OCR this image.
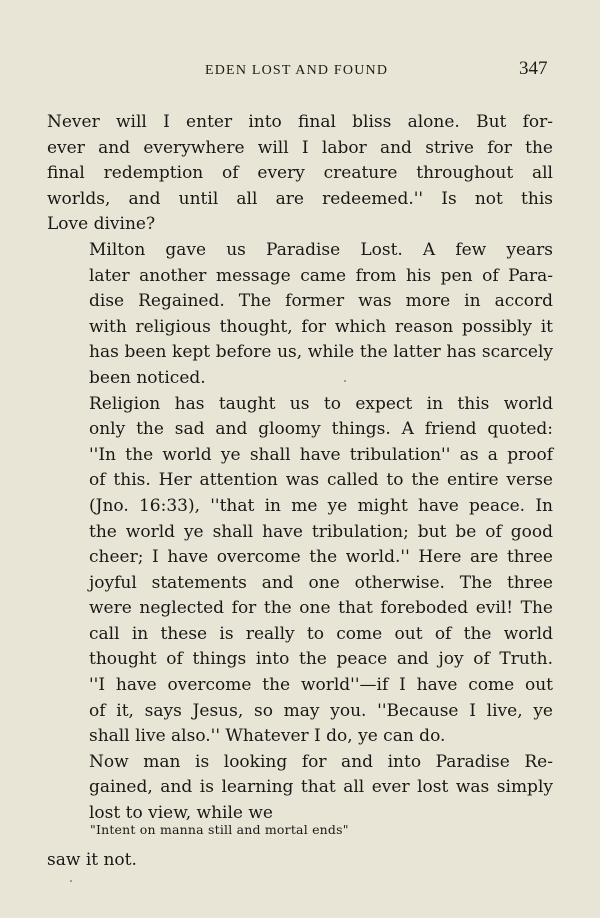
EDEN LOST AND FOUND	347

Never will I enter into final bliss alone. But for-
ever and everywhere will I labor and strive for the
final redemption of every creature throughout all
worlds, and until all are redeemed.'' Is not this
Love divine?

Milton gave us Paradise Lost. A few years
later another message came from his pen of Para-
dise Regained. The former was more in accord
with religious thought, for which reason possibly it
has been kept before us, while the latter has scarcely
been noticed.

Religion has taught us to expect in this world
only the sad and gloomy things. A friend quoted:
''In the world ye shall have tribulation'' as a proof
of this. Her attention was called to the entire verse
(Jno. 16:33), ''that in me ye might have peace. In
the world ye shall have tribulation; but be of good
cheer; I have overcome the world.'' Here are three
joyful statements and one otherwise. The three
were neglected for the one that foreboded evil! The
call in these is really to come out of the world
thought of things into the peace and joy of Truth.
''I have overcome the world''—if I have come out
of it, says Jesus, so may you. ''Because I live, ye
shall live also.'' Whatever I do, ye can do.

Now man is looking for and into Paradise Re-
gained, and is learning that all ever lost was simply
lost to view, while we

"Intent on manna still and mortal ends"
saw it not.
